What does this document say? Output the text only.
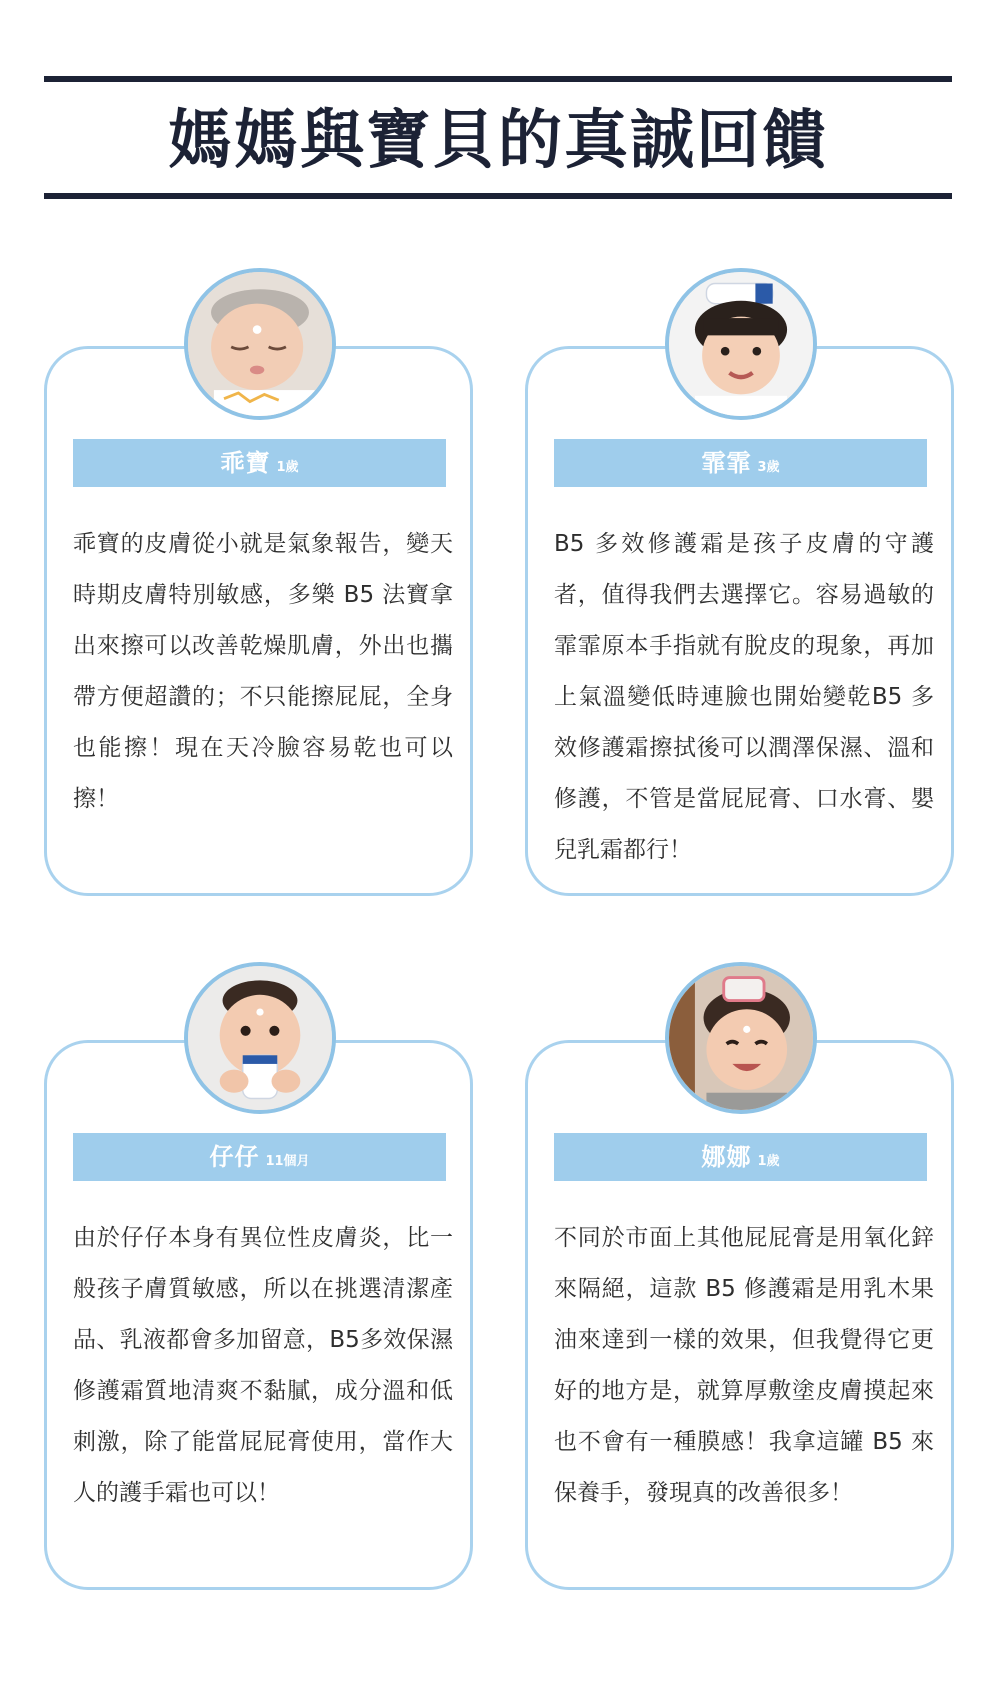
媽媽與寶貝的真誠回饋
乖寶 1歲

乖寶的皮膚從小就是氣象報告，變天時期皮膚特別敏感，多樂 B5 法寶拿出來擦可以改善乾燥肌膚，外出也攜帶方便超讚的；不只能擦屁屁，全身也能擦！現在天冷臉容易乾也可以擦！

霏霏 3歲

B5 多效修護霜是孩子皮膚的守護者，值得我們去選擇它。容易過敏的霏霏原本手指就有脫皮的現象，再加上氣溫變低時連臉也開始變乾B5 多效修護霜擦拭後可以潤澤保濕、溫和修護，不管是當屁屁膏、口水膏、嬰兒乳霜都行！

仔仔 11個月

由於仔仔本身有異位性皮膚炎，比一般孩子膚質敏感，所以在挑選清潔產品、乳液都會多加留意，B5多效保濕修護霜質地清爽不黏膩，成分溫和低刺激，除了能當屁屁膏使用，當作大人的護手霜也可以！

娜娜 1歲

不同於市面上其他屁屁膏是用氧化鋅來隔絕，這款 B5 修護霜是用乳木果油來達到一樣的效果，但我覺得它更好的地方是，就算厚敷塗皮膚摸起來也不會有一種膜感！我拿這罐 B5 來保養手，發現真的改善很多！
